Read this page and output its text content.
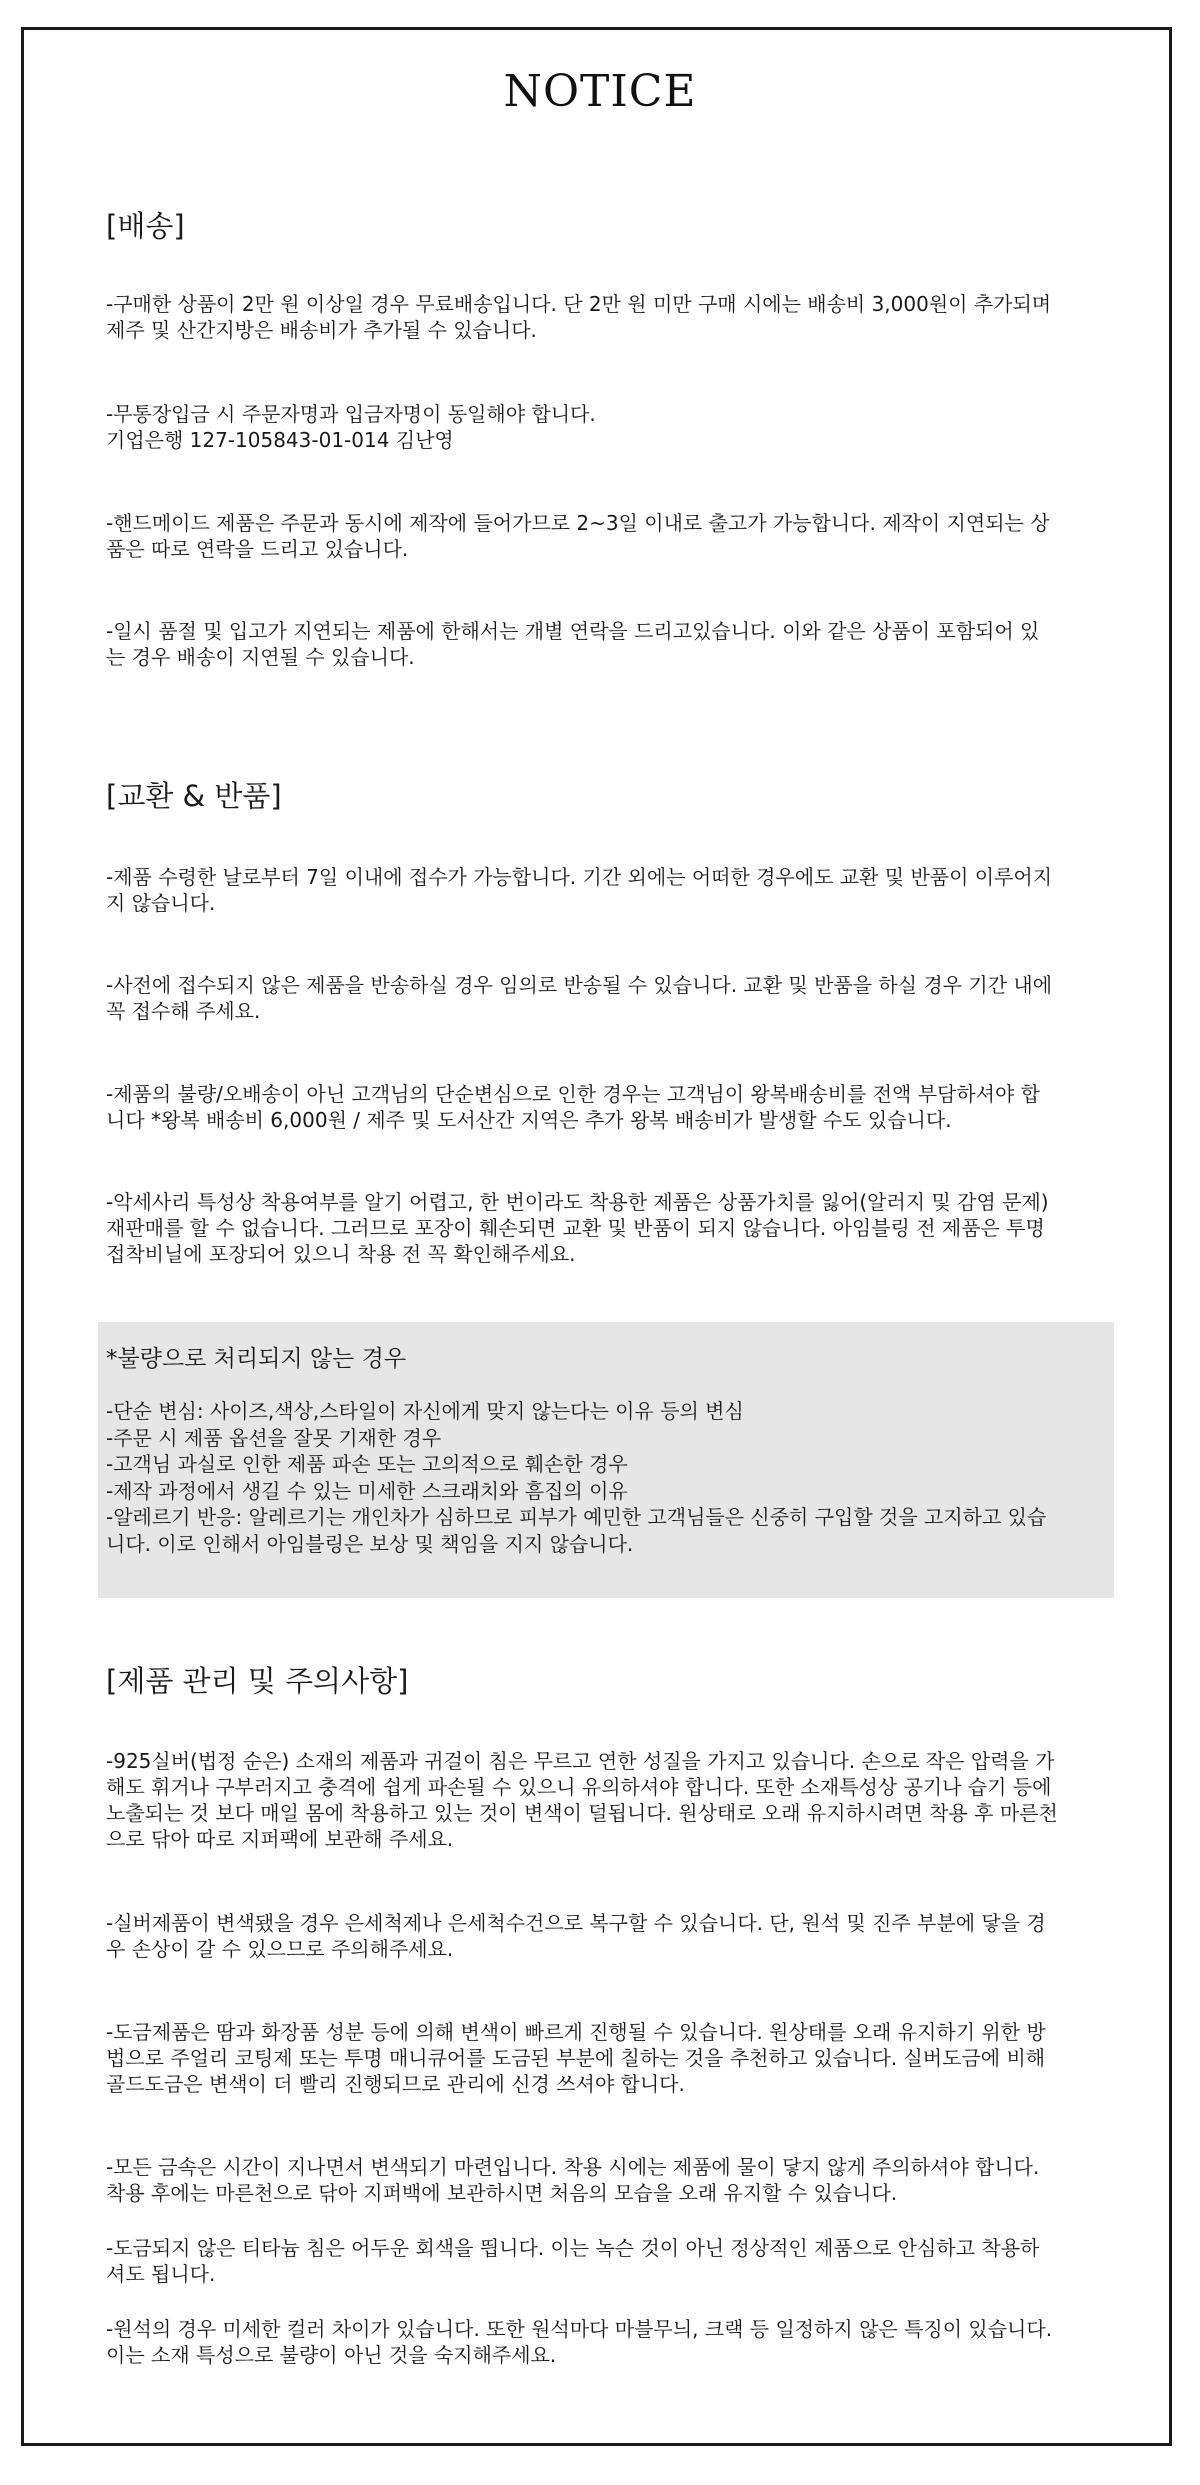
NOTICE
[배송]

-구매한 상품이 2만 원 이상일 경우 무료배송입니다. 단 2만 원 미만 구매 시에는 배송비 3,000원이 추가되며
제주 및 산간지방은 배송비가 추가될 수 있습니다.

-무통장입금 시 주문자명과 입금자명이 동일해야 합니다.
기업은행 127-105843-01-014 김난영

-핸드메이드 제품은 주문과 동시에 제작에 들어가므로 2~3일 이내로 출고가 가능합니다. 제작이 지연되는 상
품은 따로 연락을 드리고 있습니다.

-일시 품절 및 입고가 지연되는 제품에 한해서는 개별 연락을 드리고있습니다. 이와 같은 상품이 포함되어 있
는 경우 배송이 지연될 수 있습니다.

[교환 & 반품]

-제품 수령한 날로부터 7일 이내에 접수가 가능합니다. 기간 외에는 어떠한 경우에도 교환 및 반품이 이루어지
지 않습니다.

-사전에 접수되지 않은 제품을 반송하실 경우 임의로 반송될 수 있습니다. 교환 및 반품을 하실 경우 기간 내에
꼭 접수해 주세요.

-제품의 불량/오배송이 아닌 고객님의 단순변심으로 인한 경우는 고객님이 왕복배송비를 전액 부담하셔야 합
니다 *왕복 배송비 6,000원 / 제주 및 도서산간 지역은 추가 왕복 배송비가 발생할 수도 있습니다.

-악세사리 특성상 착용여부를 알기 어렵고, 한 번이라도 착용한 제품은 상품가치를 잃어(알러지 및 감염 문제)
재판매를 할 수 없습니다. 그러므로 포장이 훼손되면 교환 및 반품이 되지 않습니다. 아임블링 전 제품은 투명
접착비닐에 포장되어 있으니 착용 전 꼭 확인해주세요.

*불량으로 처리되지 않는 경우
-단순 변심: 사이즈,색상,스타일이 자신에게 맞지 않는다는 이유 등의 변심
-주문 시 제품 옵션을 잘못 기재한 경우
-고객님 과실로 인한 제품 파손 또는 고의적으로 훼손한 경우
-제작 과정에서 생길 수 있는 미세한 스크래치와 흠집의 이유
-알레르기 반응: 알레르기는 개인차가 심하므로 피부가 예민한 고객님들은 신중히 구입할 것을 고지하고 있습
니다. 이로 인해서 아임블링은 보상 및 책임을 지지 않습니다.
[제품 관리 및 주의사항]

-925실버(법정 순은) 소재의 제품과 귀걸이 침은 무르고 연한 성질을 가지고 있습니다. 손으로 작은 압력을 가
해도 휘거나 구부러지고 충격에 쉽게 파손될 수 있으니 유의하셔야 합니다. 또한 소재특성상 공기나 습기 등에
노출되는 것 보다 매일 몸에 착용하고 있는 것이 변색이 덜됩니다. 원상태로 오래 유지하시려면 착용 후 마른천
으로 닦아 따로 지퍼팩에 보관해 주세요.

-실버제품이 변색됐을 경우 은세척제나 은세척수건으로 복구할 수 있습니다. 단, 원석 및 진주 부분에 닿을 경
우 손상이 갈 수 있으므로 주의해주세요.

-도금제품은 땀과 화장품 성분 등에 의해 변색이 빠르게 진행될 수 있습니다. 원상태를 오래 유지하기 위한 방
법으로 주얼리 코팅제 또는 투명 매니큐어를 도금된 부분에 칠하는 것을 추천하고 있습니다. 실버도금에 비해
골드도금은 변색이 더 빨리 진행되므로 관리에 신경 쓰셔야 합니다.

-모든 금속은 시간이 지나면서 변색되기 마련입니다. 착용 시에는 제품에 물이 닿지 않게 주의하셔야 합니다.
착용 후에는 마른천으로 닦아 지퍼백에 보관하시면 처음의 모습을 오래 유지할 수 있습니다.

-도금되지 않은 티타늄 침은 어두운 회색을 띕니다. 이는 녹슨 것이 아닌 정상적인 제품으로 안심하고 착용하
셔도 됩니다.

-원석의 경우 미세한 컬러 차이가 있습니다. 또한 원석마다 마블무늬, 크랙 등 일정하지 않은 특징이 있습니다.
이는 소재 특성으로 불량이 아닌 것을 숙지해주세요.
